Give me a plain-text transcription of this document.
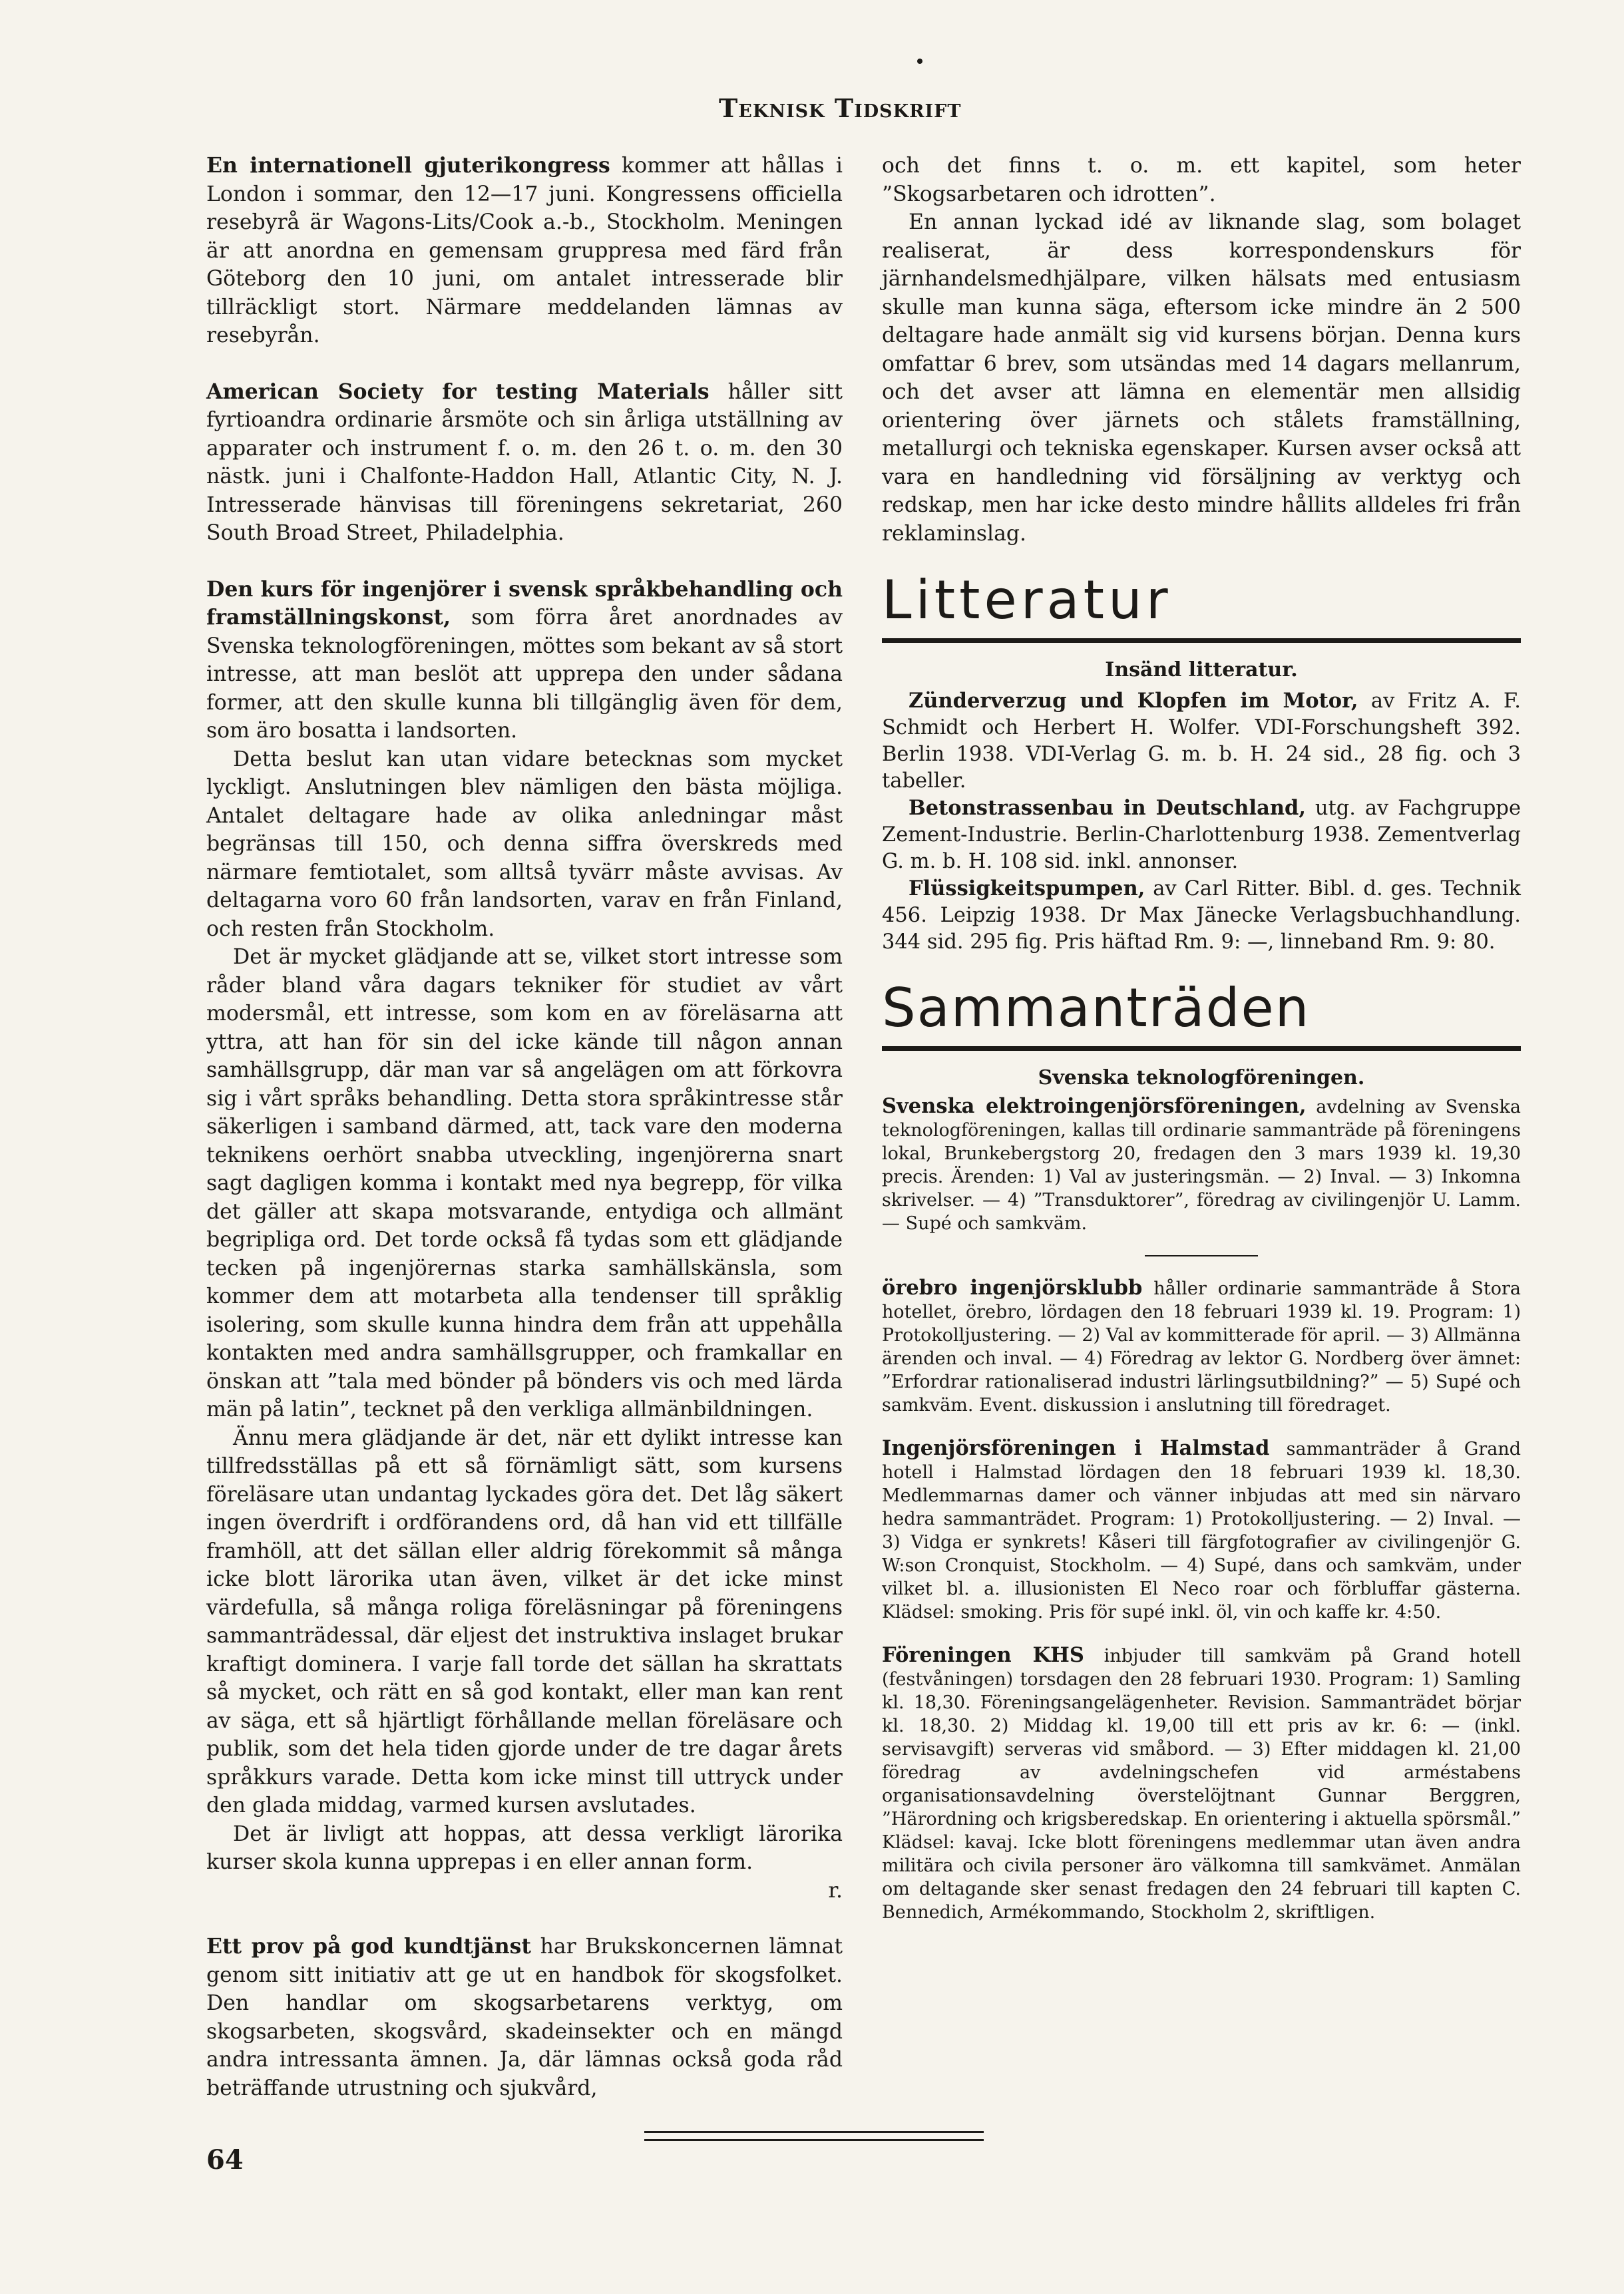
Teknisk Tidskrift

En internationell gjuterikongress kommer att hållas i London i sommar, den 12—17 juni. Kongressens officiella resebyrå är Wagons-Lits/Cook a.-b., Stockholm. Meningen är att anordna en gemensam gruppresa med färd från Göteborg den 10 juni, om antalet intresserade blir tillräckligt stort. Närmare meddelanden lämnas av resebyrån.

American Society for testing Materials håller sitt fyrtioandra ordinarie årsmöte och sin årliga utställning av apparater och instrument f. o. m. den 26 t. o. m. den 30 nästk. juni i Chalfonte-Haddon Hall, Atlantic City, N. J. Intresserade hänvisas till föreningens sekretariat, 260 South Broad Street, Philadelphia.

Den kurs för ingenjörer i svensk språkbehandling och framställningskonst, som förra året anordnades av Svenska teknologföreningen, möttes som bekant av så stort intresse, att man beslöt att upprepa den under sådana former, att den skulle kunna bli tillgänglig även för dem, som äro bosatta i landsorten.

Detta beslut kan utan vidare betecknas som mycket lyckligt. Anslutningen blev nämligen den bästa möjliga. Antalet deltagare hade av olika anledningar måst begränsas till 150, och denna siffra överskreds med närmare femtiotalet, som alltså tyvärr måste avvisas. Av deltagarna voro 60 från landsorten, varav en från Finland, och resten från Stockholm.

Det är mycket glädjande att se, vilket stort intresse som råder bland våra dagars tekniker för studiet av vårt modersmål, ett intresse, som kom en av föreläsarna att yttra, att han för sin del icke kände till någon annan samhällsgrupp, där man var så angelägen om att förkovra sig i vårt språks behandling. Detta stora språkintresse står säkerligen i samband därmed, att, tack vare den moderna teknikens oerhört snabba utveckling, ingenjörerna snart sagt dagligen komma i kontakt med nya begrepp, för vilka det gäller att skapa motsvarande, entydiga och allmänt begripliga ord. Det torde också få tydas som ett glädjande tecken på ingenjörernas starka samhällskänsla, som kommer dem att motarbeta alla tendenser till språklig isolering, som skulle kunna hindra dem från att uppehålla kontakten med andra samhällsgrupper, och framkallar en önskan att ”tala med bönder på bönders vis och med lärda män på latin”, tecknet på den verkliga allmänbildningen.

Ännu mera glädjande är det, när ett dylikt intresse kan tillfredsställas på ett så förnämligt sätt, som kursens föreläsare utan undantag lyckades göra det. Det låg säkert ingen överdrift i ordförandens ord, då han vid ett tillfälle framhöll, att det sällan eller aldrig förekommit så många icke blott lärorika utan även, vilket är det icke minst värdefulla, så många roliga föreläsningar på föreningens sammanträdessal, där eljest det instruktiva inslaget brukar kraftigt dominera. I varje fall torde det sällan ha skrattats så mycket, och rätt en så god kontakt, eller man kan rent av säga, ett så hjärtligt förhållande mellan föreläsare och publik, som det hela tiden gjorde under de tre dagar årets språkkurs varade. Detta kom icke minst till uttryck under den glada middag, varmed kursen avslutades.

Det är livligt att hoppas, att dessa verkligt lärorika kurser skola kunna upprepas i en eller annan form.
r.

Ett prov på god kundtjänst har Brukskoncernen lämnat genom sitt initiativ att ge ut en handbok för skogsfolket. Den handlar om skogsarbetarens verktyg, om skogsarbeten, skogsvård, skadeinsekter och en mängd andra intressanta ämnen. Ja, där lämnas också goda råd beträffande utrustning och sjukvård,

och det finns t. o. m. ett kapitel, som heter ”Skogsarbetaren och idrotten”.

En annan lyckad idé av liknande slag, som bolaget realiserat, är dess korrespondenskurs för järnhandelsmedhjälpare, vilken hälsats med entusiasm skulle man kunna säga, eftersom icke mindre än 2 500 deltagare hade anmält sig vid kursens början. Denna kurs omfattar 6 brev, som utsändas med 14 dagars mellanrum, och det avser att lämna en elementär men allsidig orientering över järnets och stålets framställning, metallurgi och tekniska egenskaper. Kursen avser också att vara en handledning vid försäljning av verktyg och redskap, men har icke desto mindre hållits alldeles fri från reklaminslag.

Litteratur
Insänd litteratur.

Zünderverzug und Klopfen im Motor, av Fritz A. F. Schmidt och Herbert H. Wolfer. VDI-Forschungsheft 392. Berlin 1938. VDI-Verlag G. m. b. H. 24 sid., 28 fig. och 3 tabeller.

Betonstrassenbau in Deutschland, utg. av Fachgruppe Zement-Industrie. Berlin-Charlottenburg 1938. Zementverlag G. m. b. H. 108 sid. inkl. annonser.

Flüssigkeitspumpen, av Carl Ritter. Bibl. d. ges. Technik 456. Leipzig 1938. Dr Max Jänecke Verlagsbuchhandlung. 344 sid. 295 fig. Pris häftad Rm. 9: —, linneband Rm. 9: 80.

Sammanträden
Svenska teknologföreningen.

Svenska elektroingenjörsföreningen, avdelning av Svenska teknologföreningen, kallas till ordinarie sammanträde på föreningens lokal, Brunkebergstorg 20, fredagen den 3 mars 1939 kl. 19,30 precis. Ärenden: 1) Val av justeringsmän. — 2) Inval. — 3) Inkomna skrivelser. — 4) ”Transduktorer”, föredrag av civilingenjör U. Lamm. — Supé och samkväm.

örebro ingenjörsklubb håller ordinarie sammanträde å Stora hotellet, örebro, lördagen den 18 februari 1939 kl. 19. Program: 1) Protokolljustering. — 2) Val av kommitterade för april. — 3) Allmänna ärenden och inval. — 4) Föredrag av lektor G. Nordberg över ämnet: ”Erfordrar rationaliserad industri lärlingsutbildning?” — 5) Supé och samkväm. Event. diskussion i anslutning till föredraget.

Ingenjörsföreningen i Halmstad sammanträder å Grand hotell i Halmstad lördagen den 18 februari 1939 kl. 18,30. Medlemmarnas damer och vänner inbjudas att med sin närvaro hedra sammanträdet. Program: 1) Protokolljustering. — 2) Inval. — 3) Vidga er synkrets! Kåseri till färgfotografier av civilingenjör G. W:son Cronquist, Stockholm. — 4) Supé, dans och samkväm, under vilket bl. a. illusionisten El Neco roar och förbluffar gästerna. Klädsel: smoking. Pris för supé inkl. öl, vin och kaffe kr. 4:50.

Föreningen KHS inbjuder till samkväm på Grand hotell (festvåningen) torsdagen den 28 februari 1930. Program: 1) Samling kl. 18,30. Föreningsangelägenheter. Revision. Sammanträdet börjar kl. 18,30. 2) Middag kl. 19,00 till ett pris av kr. 6: — (inkl. servisavgift) serveras vid småbord. — 3) Efter middagen kl. 21,00 föredrag av avdelningschefen vid arméstabens organisationsavdelning överstelöjtnant Gunnar Berggren, ”Härordning och krigsberedskap. En orientering i aktuella spörsmål.” Klädsel: kavaj. Icke blott föreningens medlemmar utan även andra militära och civila personer äro välkomna till samkvämet. Anmälan om deltagande sker senast fredagen den 24 februari till kapten C. Bennedich, Armékommando, Stockholm 2, skriftligen.

64
